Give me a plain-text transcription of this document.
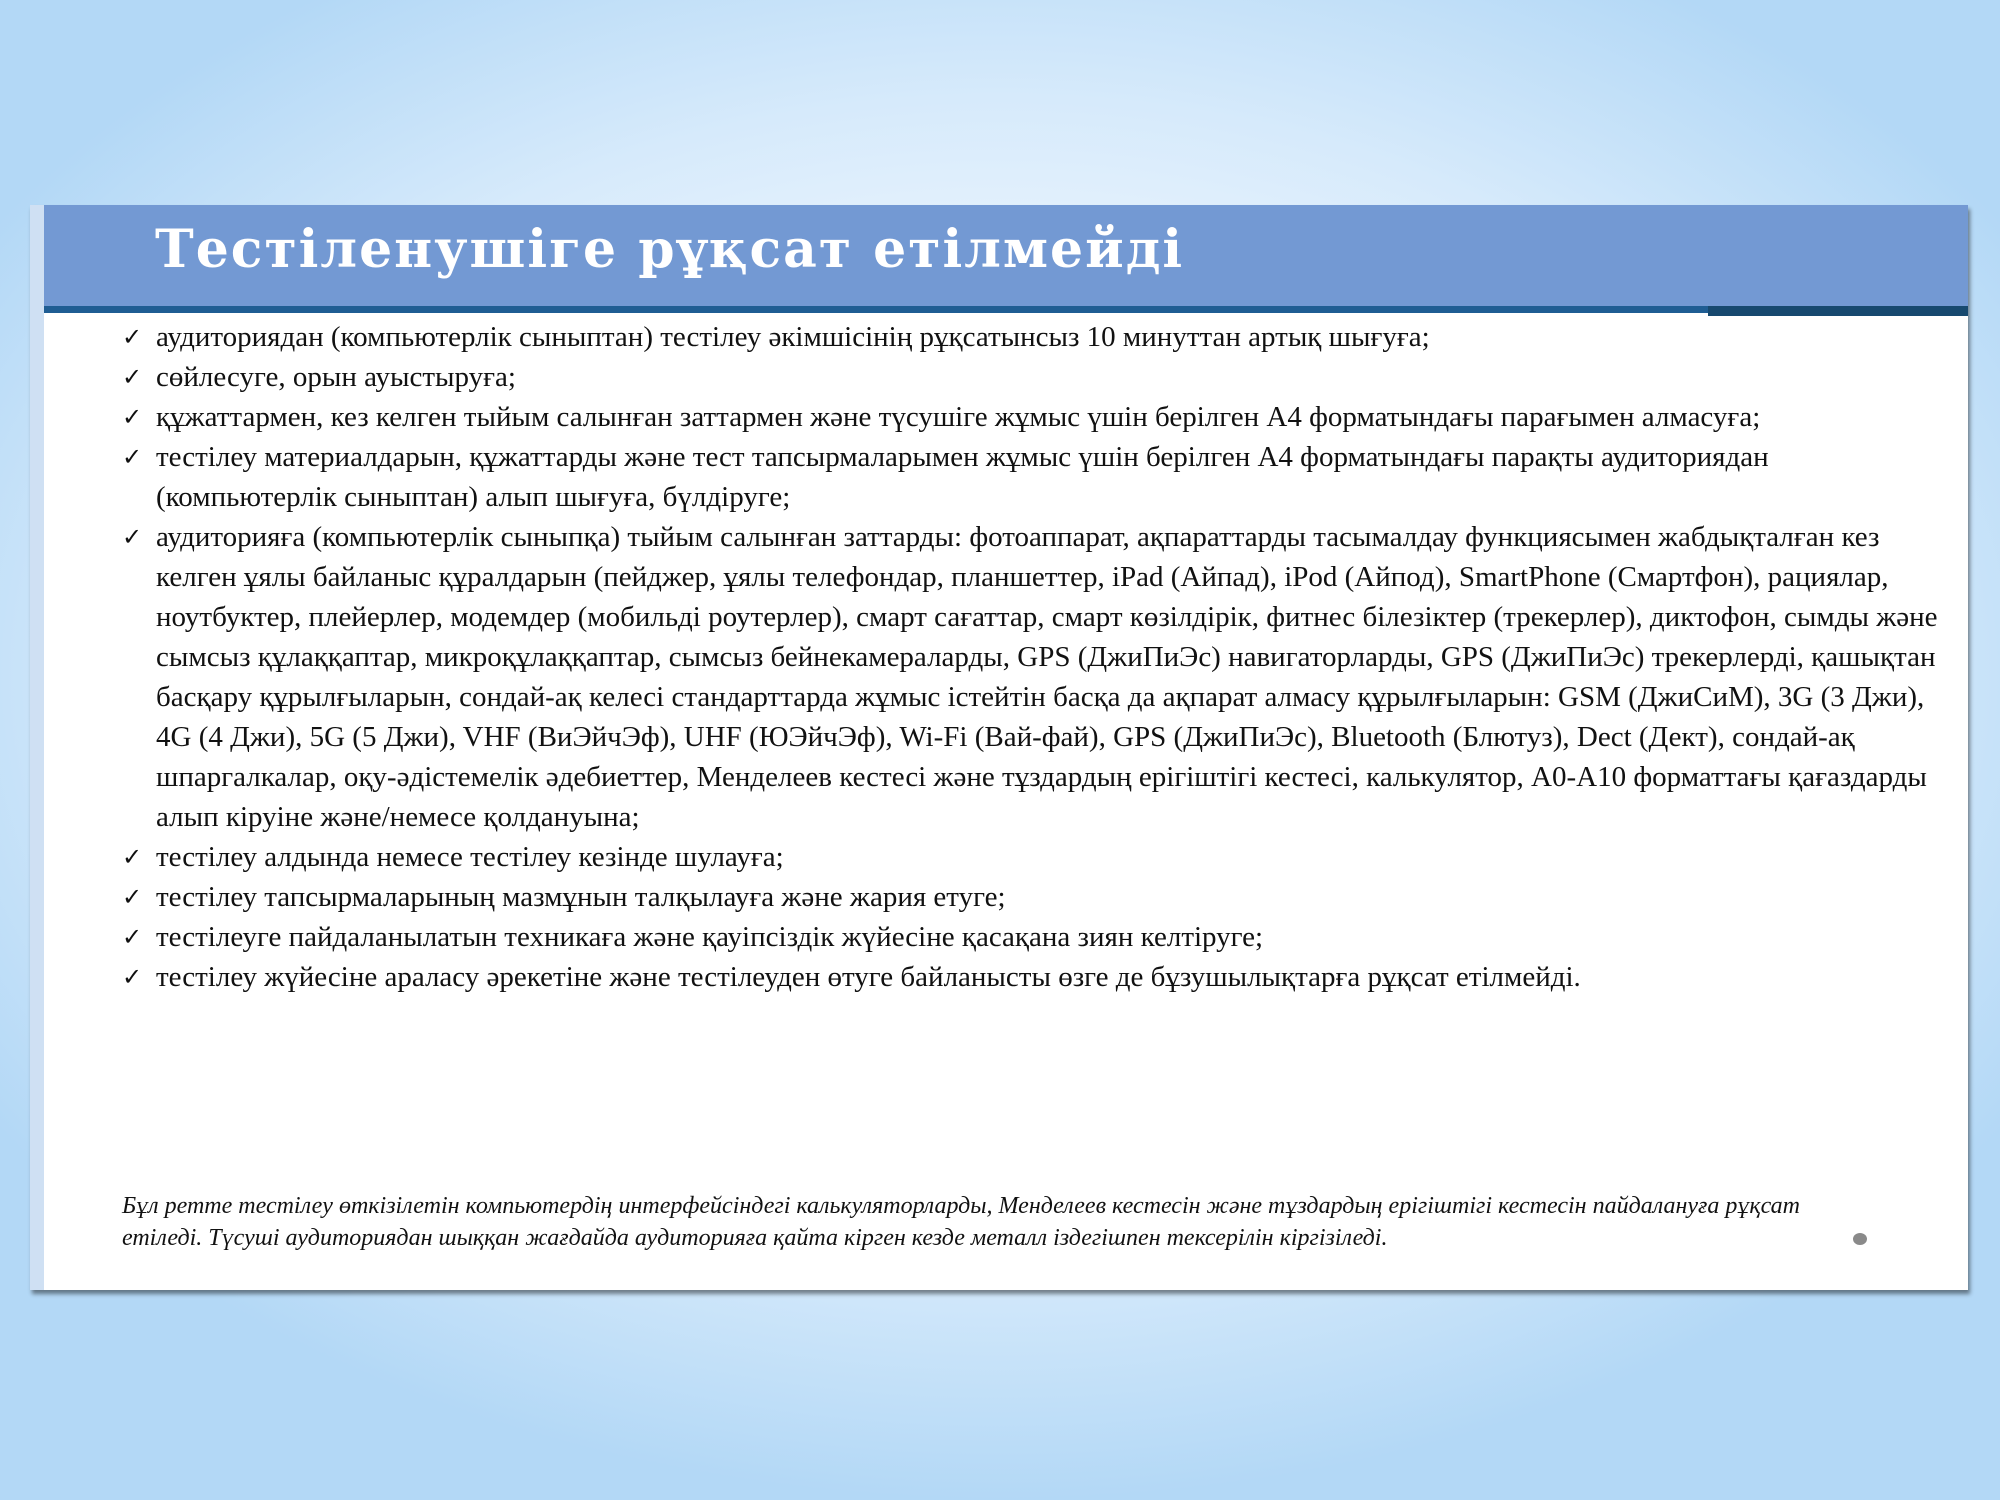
Тестіленушіге рұқсат етілмейді
✓ аудиториядан (компьютерлік сыныптан) тестілеу әкімшісінің рұқсатынсыз 10 минуттан артық шығуға;
✓ сөйлесуге, орын ауыстыруға;
✓ құжаттармен, кез келген тыйым салынған заттармен және түсушіге жұмыс үшін берілген А4 форматындағы парағымен алмасуға;
✓ тестілеу материалдарын, құжаттарды және тест тапсырмаларымен жұмыс үшін берілген А4 форматындағы парақты аудиториядан (компьютерлік сыныптан) алып шығуға, бүлдіруге;
✓ аудиторияға (компьютерлік сыныпқа) тыйым салынған заттарды: фотоаппарат, ақпараттарды тасымалдау функциясымен жабдықталған кез келген ұялы байланыс құралдарын (пейджер, ұялы телефондар, планшеттер, iPad (Айпад), iPod (Айпод), SmartPhone (Смартфон), рациялар, ноутбуктер, плейерлер, модемдер (мобильді роутерлер), смарт сағаттар, смарт көзілдірік, фитнес білезіктер (трекерлер), диктофон, сымды және сымсыз құлаққаптар, микроқұлаққаптар, сымсыз бейнекамераларды, GPS (ДжиПиЭс) навигаторларды, GPS (ДжиПиЭс) трекерлерді, қашықтан басқару құрылғыларын, сондай-ақ келесі стандарттарда жұмыс істейтін басқа да ақпарат алмасу құрылғыларын: GSM (ДжиСиМ), 3G (3 Джи), 4G (4 Джи), 5G (5 Джи), VHF (ВиЭйчЭф), UHF (ЮЭйчЭф), Wi-Fi (Вай-фай), GPS (ДжиПиЭс), Bluetooth (Блютуз), Dect (Дект), сондай-ақ шпаргалкалар, оқу-әдістемелік әдебиеттер, Менделеев кестесі және тұздардың ерігіштігі кестесі, калькулятор, А0-А10 форматтағы қағаздарды алып кіруіне және/немесе қолдануына;
✓ тестілеу алдында немесе тестілеу кезінде шулауға;
✓ тестілеу тапсырмаларының мазмұнын талқылауға және жария етуге;
✓ тестілеуге пайдаланылатын техникаға және қауіпсіздік жүйесіне қасақана зиян келтіруге;
✓ тестілеу жүйесіне араласу әрекетіне және тестілеуден өтуге байланысты өзге де бұзушылықтарға рұқсат етілмейді.

Бұл ретте тестілеу өткізілетін компьютердің интерфейсіндегі калькуляторларды, Менделеев кестесін және тұздардың ерігіштігі кестесін пайдалануға рұқсат етіледі. Түсуші аудиториядан шыққан жағдайда аудиторияға қайта кірген кезде металл іздегішпен тексерілін кіргізіледі.
